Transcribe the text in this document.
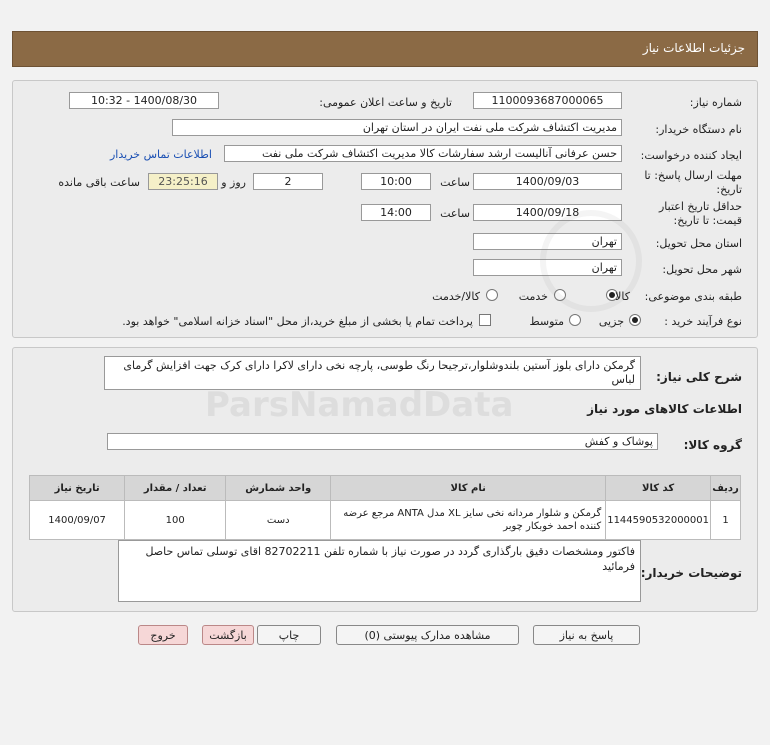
جزئیات اطلاعات نیاز
شماره نیاز:
1100093687000065
تاریخ و ساعت اعلان عمومی:
1400/08/30 - 10:32
نام دستگاه خریدار:
مدیریت اکتشاف شرکت ملی نفت ایران در استان تهران
ایجاد کننده درخواست:
حسن عرفانی آنالیست ارشد سفارشات کالا مدیریت اکتشاف شرکت ملی نفت
اطلاعات تماس خریدار
مهلت ارسال پاسخ: تا تاریخ:
1400/09/03
ساعت
10:00
2
روز و
23:25:16
ساعت باقی مانده
حداقل تاریخ اعتبار قیمت: تا تاریخ:
1400/09/18
ساعت
14:00
استان محل تحویل:
تهران
شهر محل تحویل:
تهران
طبقه بندی موضوعی:
کالا
خدمت
کالا/خدمت
نوع فرآیند خرید :
جزیی
متوسط
پرداخت تمام یا بخشی از مبلغ خرید،از محل "اسناد خزانه اسلامی" خواهد بود.
شرح کلی نیاز:
گرمکن دارای بلوز آستین بلندوشلوار،ترجیحا رنگ طوسی، پارچه نخی دارای لاکرا دارای کرک جهت افزایش گرمای لباس
اطلاعات کالاهای مورد نیاز
گروه کالا:
پوشاک و کفش
ردیف	کد کالا	نام کالا	واحد شمارش	تعداد / مقدار	تاریخ نیاز
1	1144590532000001	گرمکن و شلوار مردانه نخی سایز XL مدل ANTA مرجع عرضه کننده احمد خوبکار چوبر	دست	100	1400/09/07
توضیحات خریدار:
فاکتور ومشخصات دقیق بارگذاری گردد در صورت نیاز با شماره تلفن 82702211 اقای توسلی تماس حاصل فرمائید
پاسخ به نیاز
مشاهده مدارک پیوستی (0)
چاپ
بازگشت
خروج
